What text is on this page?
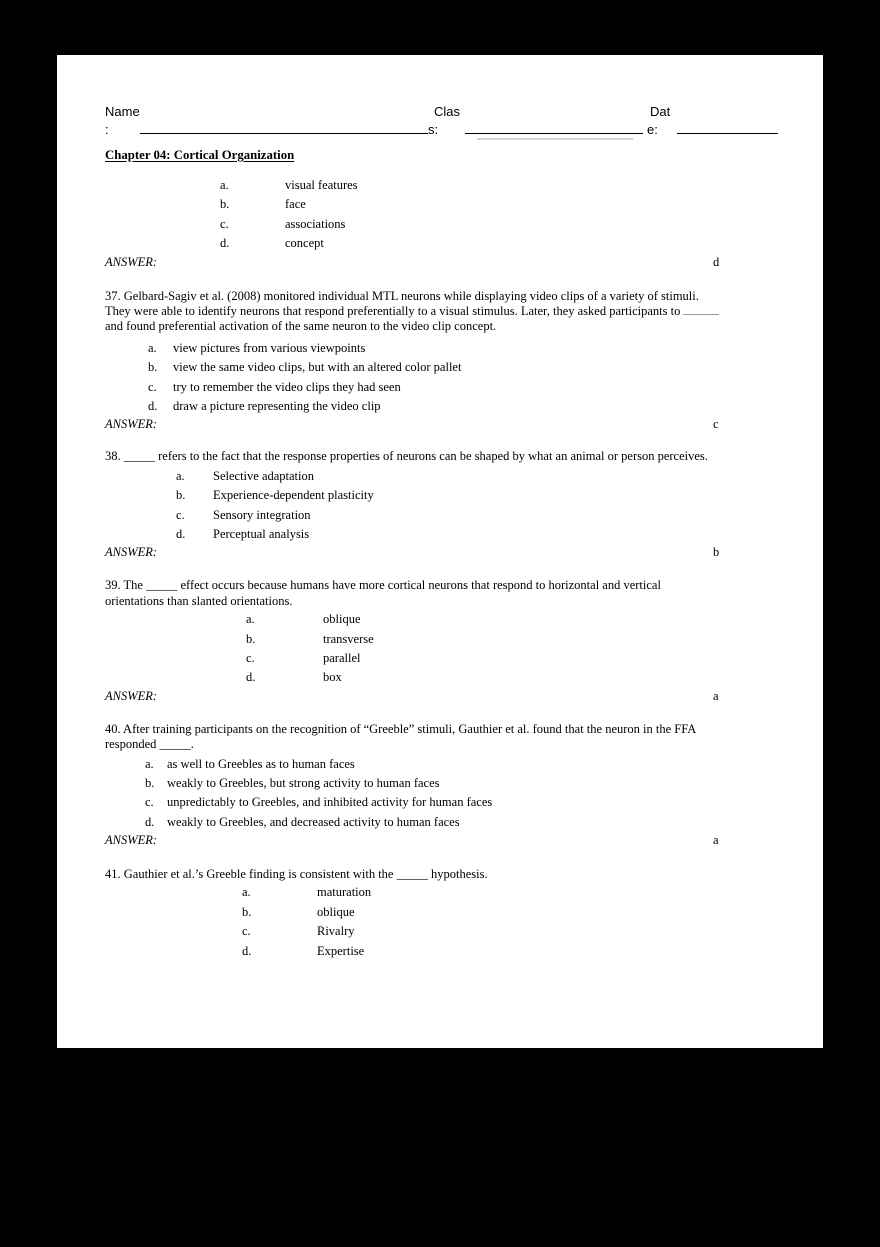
Name
:
Clas
s:
Dat
e:
Chapter 04: Cortical Organization
a.	visual features
b.	face
c.	associations
d.	concept
ANSWER:	d
37. Gelbard-Sagiv et al. (2008) monitored individual MTL neurons while displaying video clips of a variety of stimuli.
They were able to identify neurons that respond preferentially to a visual stimulus. Later, they asked participants to
and found preferential activation of the same neuron to the video clip concept.
a. view pictures from various viewpoints
b. view the same video clips, but with an altered color pallet
c. try to remember the video clips they had seen
d. draw a picture representing the video clip
ANSWER:	c
38. _____ refers to the fact that the response properties of neurons can be shaped by what an animal or person perceives.
a. Selective adaptation
b. Experience-dependent plasticity
c. Sensory integration
d. Perceptual analysis
ANSWER:	b
39. The _____ effect occurs because humans have more cortical neurons that respond to horizontal and vertical
orientations than slanted orientations.
a.	oblique
b.	transverse
c.	parallel
d.	box
ANSWER:	a
40. After training participants on the recognition of “Greeble” stimuli, Gauthier et al. found that the neuron in the FFA
responded _____.
a. as well to Greebles as to human faces
b. weakly to Greebles, but strong activity to human faces
c. unpredictably to Greebles, and inhibited activity for human faces
d. weakly to Greebles, and decreased activity to human faces
ANSWER:	a
41. Gauthier et al.’s Greeble finding is consistent with the _____ hypothesis.
a.	maturation
b.	oblique
c.	Rivalry
d.	Expertise
